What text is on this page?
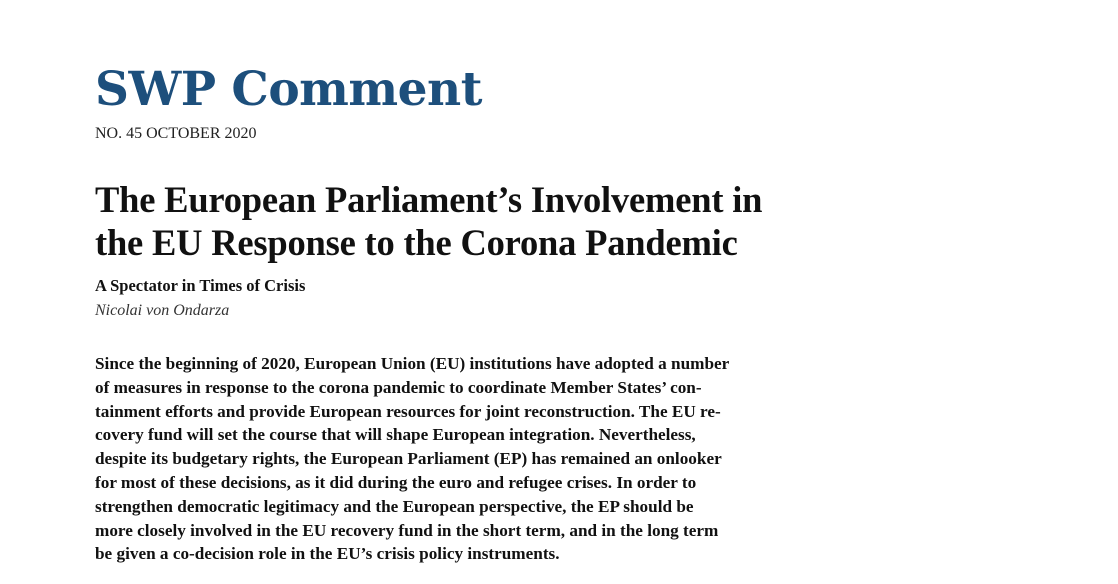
SWP Comment
NO. 45 OCTOBER 2020
The European Parliament’s Involvement in
the EU Response to the Corona Pandemic
A Spectator in Times of Crisis
Nicolai von Ondarza
Since the beginning of 2020, European Union (EU) institutions have adopted a number
of measures in response to the corona pandemic to coordinate Member States’ con-
tainment efforts and provide European resources for joint reconstruction. The EU re-
covery fund will set the course that will shape European integration. Nevertheless,
despite its budgetary rights, the European Parliament (EP) has remained an onlooker
for most of these decisions, as it did during the euro and refugee crises. In order to
strengthen democratic legitimacy and the European perspective, the EP should be
more closely involved in the EU recovery fund in the short term, and in the long term
be given a co-decision role in the EU’s crisis policy instruments.
